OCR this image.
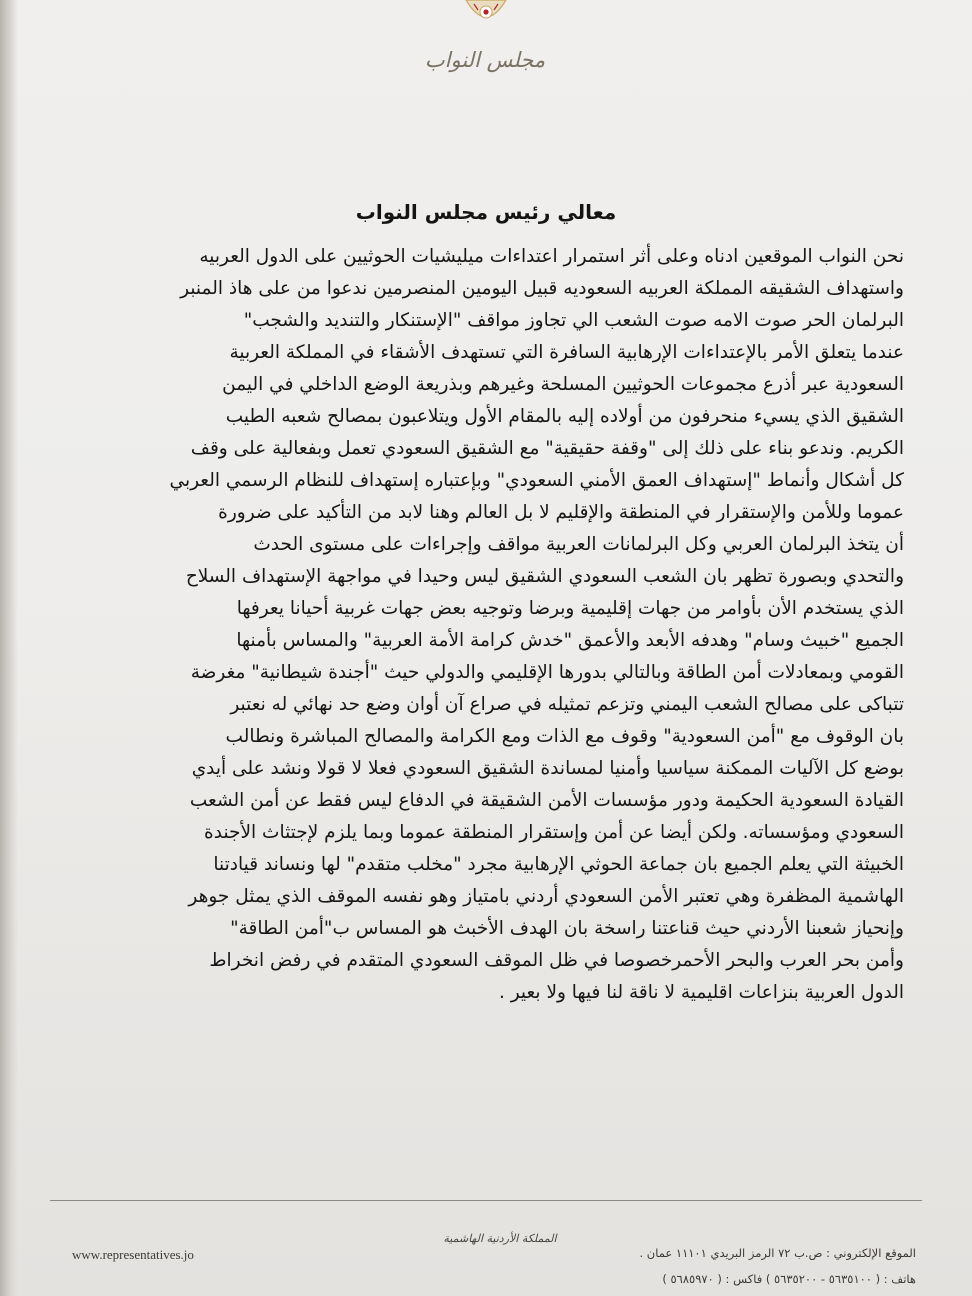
مجلس النواب
معالي رئيس مجلس النواب
نحن النواب الموقعين ادناه وعلى أثر استمرار اعتداءات ميليشيات الحوثيين على الدول العربيه
واستهداف الشقيقه المملكة العربيه السعوديه قبيل اليومين المنصرمين ندعوا من على هاذ المنبر
البرلمان الحر صوت الامه صوت الشعب الي تجاوز مواقف "الإستنكار والتنديد والشجب"
عندما يتعلق الأمر بالإعتداءات الإرهابية السافرة التي تستهدف الأشقاء في المملكة العربية
السعودية عبر أذرع مجموعات الحوثيين المسلحة وغيرهم وبذريعة الوضع الداخلي في اليمن
الشقيق الذي يسيء منحرفون من أولاده إليه بالمقام الأول ويتلاعبون بمصالح شعبه الطيب
الكريم. وندعو بناء على ذلك إلى "وقفة حقيقية" مع الشقيق السعودي تعمل وبفعالية على وقف
كل أشكال وأنماط "إستهداف العمق الأمني السعودي" وبإعتباره إستهداف للنظام الرسمي العربي
عموما وللأمن والإستقرار في المنطقة والإقليم لا بل العالم وهنا لابد من التأكيد على ضرورة
أن يتخذ البرلمان العربي وكل البرلمانات العربية مواقف وإجراءات على مستوى الحدث
والتحدي وبصورة تظهر بان الشعب السعودي الشقيق ليس وحيدا في مواجهة الإستهداف السلاح
الذي يستخدم الأن بأوامر من جهات إقليمية وبرضا وتوجيه بعض جهات غربية أحيانا يعرفها
الجميع "خبيث وسام" وهدفه الأبعد والأعمق "خدش كرامة الأمة العربية" والمساس بأمنها
القومي وبمعادلات أمن الطاقة وبالتالي بدورها الإقليمي والدولي حيث "أجندة شيطانية" مغرضة
تتباكى على مصالح الشعب اليمني وتزعم تمثيله في صراع آن أوان وضع حد نهائي له نعتبر
بان الوقوف مع "أمن السعودية" وقوف مع الذات ومع الكرامة والمصالح المباشرة ونطالب
بوضع كل الآليات الممكنة سياسيا وأمنيا لمساندة الشقيق السعودي فعلا لا قولا ونشد على أيدي
القيادة السعودية الحكيمة ودور مؤسسات الأمن الشقيقة في الدفاع ليس فقط عن أمن الشعب
السعودي ومؤسساته. ولكن أيضا عن أمن وإستقرار المنطقة عموما وبما يلزم لإجتثاث الأجندة
الخبيثة التي يعلم الجميع بان جماعة الحوثي الإرهابية مجرد "مخلب متقدم" لها ونساند قيادتنا
الهاشمية المظفرة وهي تعتبر الأمن السعودي أردني بامتياز وهو نفسه الموقف الذي يمثل جوهر
وإنحياز شعبنا الأردني حيث قناعتنا راسخة بان الهدف الأخبث هو المساس ب"أمن الطاقة"
وأمن بحر العرب والبحر الأحمرخصوصا في ظل الموقف السعودي المتقدم في رفض انخراط
الدول العربية بنزاعات اقليمية لا ناقة لنا فيها ولا بعير .
المملكة الأردنية الهاشمية
www.representatives.jo	الموقع الإلكتروني : ص.ب ٧٢ الرمز البريدي ١١١٠١ عمان .
هاتف : ( ٥٦٣٥١٠٠ - ٥٦٣٥٢٠٠ ) فاكس : ( ٥٦٨٥٩٧٠ )
